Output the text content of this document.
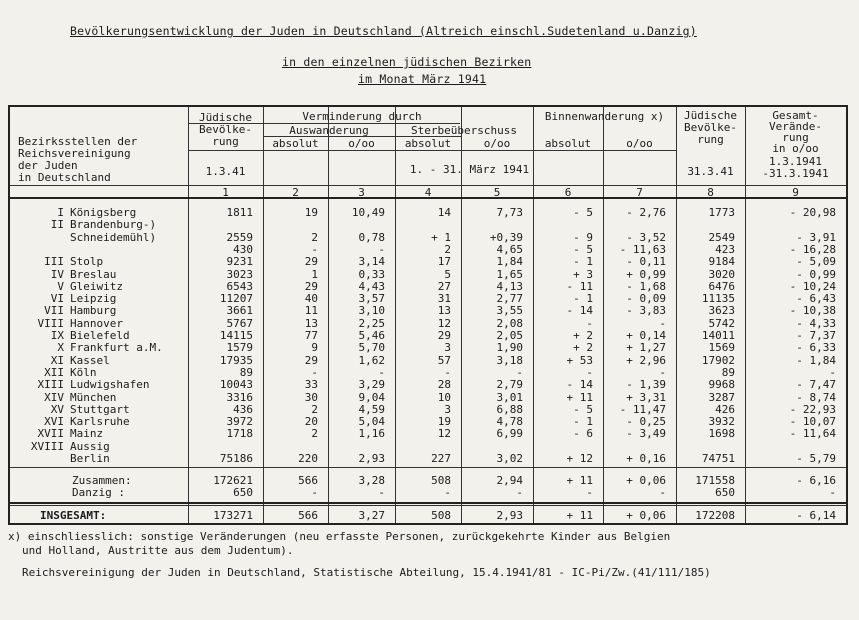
Bevölkerungsentwicklung der Juden in Deutschland (Altreich einschl.Sudetenland u.Danzig)
in den einzelnen jüdischen Bezirken
im Monat März 1941
Bezirksstellen der
Reichsvereinigung
der Juden
in Deutschland
Jüdische
Bevölke-
rung
1.3.41
Verminderung durch
Auswanderung	Sterbeüberschuss
Binnenwanderung x)
absolut	o/oo	absolut	o/oo	absolut	o/oo
1. - 31. März 1941
Jüdische
Bevölke-
rung
31.3.41
Gesamt-
Verände-
rung
in o/oo
1.3.1941
-31.3.1941
1	2	3	4	5	6	7	8	9
I Königsberg	1811	19	10,49	14	7,73	- 5	- 2,76	1773	- 20,98
II Brandenburg-)
Schneidemühl)	2559	2	0,78	+ 1	+0,39	- 9	- 3,52	2549	- 3,91
430	-	-	2	4,65	- 5	- 11,63	423	- 16,28
III Stolp	9231	29	3,14	17	1,84	- 1	- 0,11	9184	- 5,09
IV Breslau	3023	1	0,33	5	1,65	+ 3	+ 0,99	3020	- 0,99
V Gleiwitz	6543	29	4,43	27	4,13	- 11	- 1,68	6476	- 10,24
VI Leipzig	11207	40	3,57	31	2,77	- 1	- 0,09	11135	- 6,43
VII Hamburg	3661	11	3,10	13	3,55	- 14	- 3,83	3623	- 10,38
VIII Hannover	5767	13	2,25	12	2,08	-	-	5742	- 4,33
IX Bielefeld	14115	77	5,46	29	2,05	+ 2	+ 0,14	14011	- 7,37
X Frankfurt a.M.	1579	9	5,70	3	1,90	+ 2	+ 1,27	1569	- 6,33
XI Kassel	17935	29	1,62	57	3,18	+ 53	+ 2,96	17902	- 1,84
XII Köln	89	-	-	-	-	-	-	89	-
XIII Ludwigshafen	10043	33	3,29	28	2,79	- 14	- 1,39	9968	- 7,47
XIV München	3316	30	9,04	10	3,01	+ 11	+ 3,31	3287	- 8,74
XV Stuttgart	436	2	4,59	3	6,88	- 5	- 11,47	426	- 22,93
XVI Karlsruhe	3972	20	5,04	19	4,78	- 1	- 0,25	3932	- 10,07
XVII Mainz	1718	2	1,16	12	6,99	- 6	- 3,49	1698	- 11,64
XVIII Aussig
Berlin	75186	220	2,93	227	3,02	+ 12	+ 0,16	74751	- 5,79
Zusammen:	172621	566	3,28	508	2,94	+ 11	+ 0,06	171558	- 6,16
Danzig :	650	-	-	-	-	-	-	650	-
INSGESAMT:	173271	566	3,27	508	2,93	+ 11	+ 0,06	172208	- 6,14
x) einschliesslich: sonstige Veränderungen (neu erfasste Personen, zurückgekehrte Kinder aus Belgien
und Holland, Austritte aus dem Judentum).
Reichsvereinigung der Juden in Deutschland, Statistische Abteilung, 15.4.1941/81 - IC-Pi/Zw.(41/111/185)
